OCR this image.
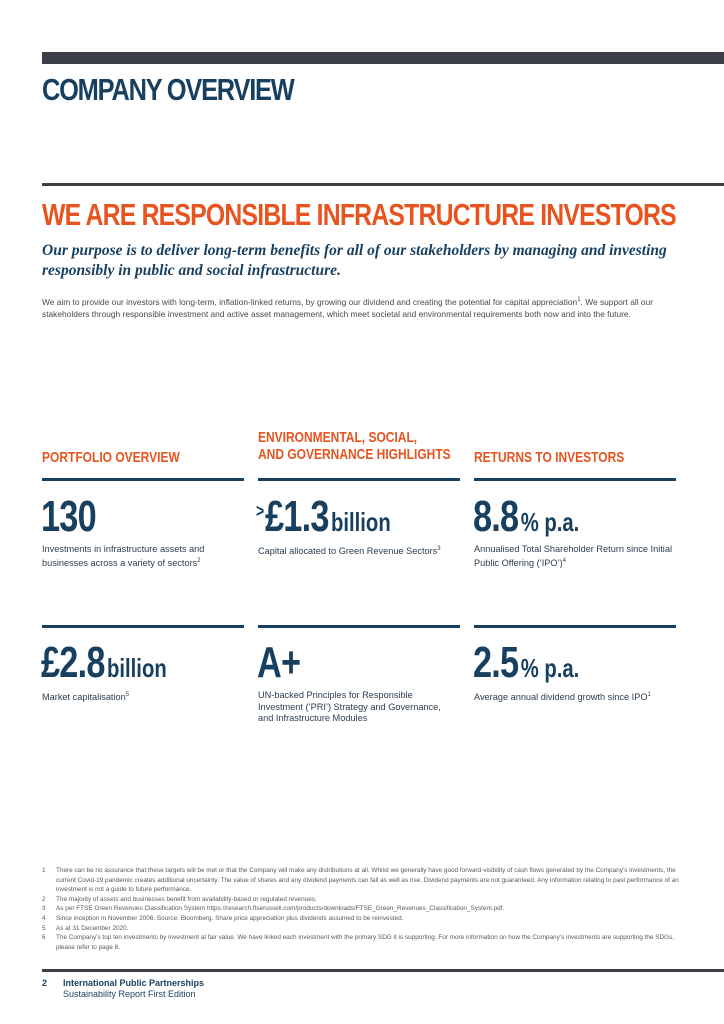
COMPANY OVERVIEW
WE ARE RESPONSIBLE INFRASTRUCTURE INVESTORS

Our purpose is to deliver long-term benefits for all of our stakeholders by managing and investing responsibly in public and social infrastructure.

We aim to provide our investors with long-term, inflation-linked returns, by growing our dividend and creating the potential for capital appreciation$^1$. We support all our stakeholders through responsible investment and active asset management, which meet societal and environmental requirements both now and into the future.

PORTFOLIO OVERVIEW
ENVIRONMENTAL, SOCIAL,
AND GOVERNANCE HIGHLIGHTS RETURNS TO INVESTORS
130

Investments in infrastructure assets and businesses across a variety of sectors$^2$

>£1.3billion

Capital allocated to Green Revenue Sectors$^3$

8.8% p.a.

Annualised Total Shareholder Return since Initial Public Offering (‘IPO’)$^4$

£2.8billion

Market capitalisation$^5$

A+

UN-backed Principles for Responsible Investment (‘PRI’) Strategy and Governance, and Infrastructure Modules

2.5% p.a.

Average annual dividend growth since IPO$^1$

1 There can be no assurance that these targets will be met or that the Company will make any distributions at all. Whilst we generally have good forward-visibility of cash flows generated by the Company’s investments, the current Covid-19 pandemic creates additional uncertainty. The value of shares and any dividend payments can fall as well as rise. Dividend payments are not guaranteed. Any information relating to past performance of an investment is not a guide to future performance.
2 The majority of assets and businesses benefit from availability-based or regulated revenues.
3 As per FTSE Green Revenues Classification System https://research.ftserussell.com/products/downloads/FTSE_Green_Revenues_Classification_System.pdf.
4 Since inception in November 2006. Source: Bloomberg. Share price appreciation plus dividends assumed to be reinvested.
5 As at 31 December 2020.
6 The Company’s top ten investments by investment at fair value. We have linked each investment with the primary SDG it is supporting. For more information on how the Company’s investments are supporting the SDGs, please refer to page 8.
2 International Public Partnerships
Sustainability Report First Edition
